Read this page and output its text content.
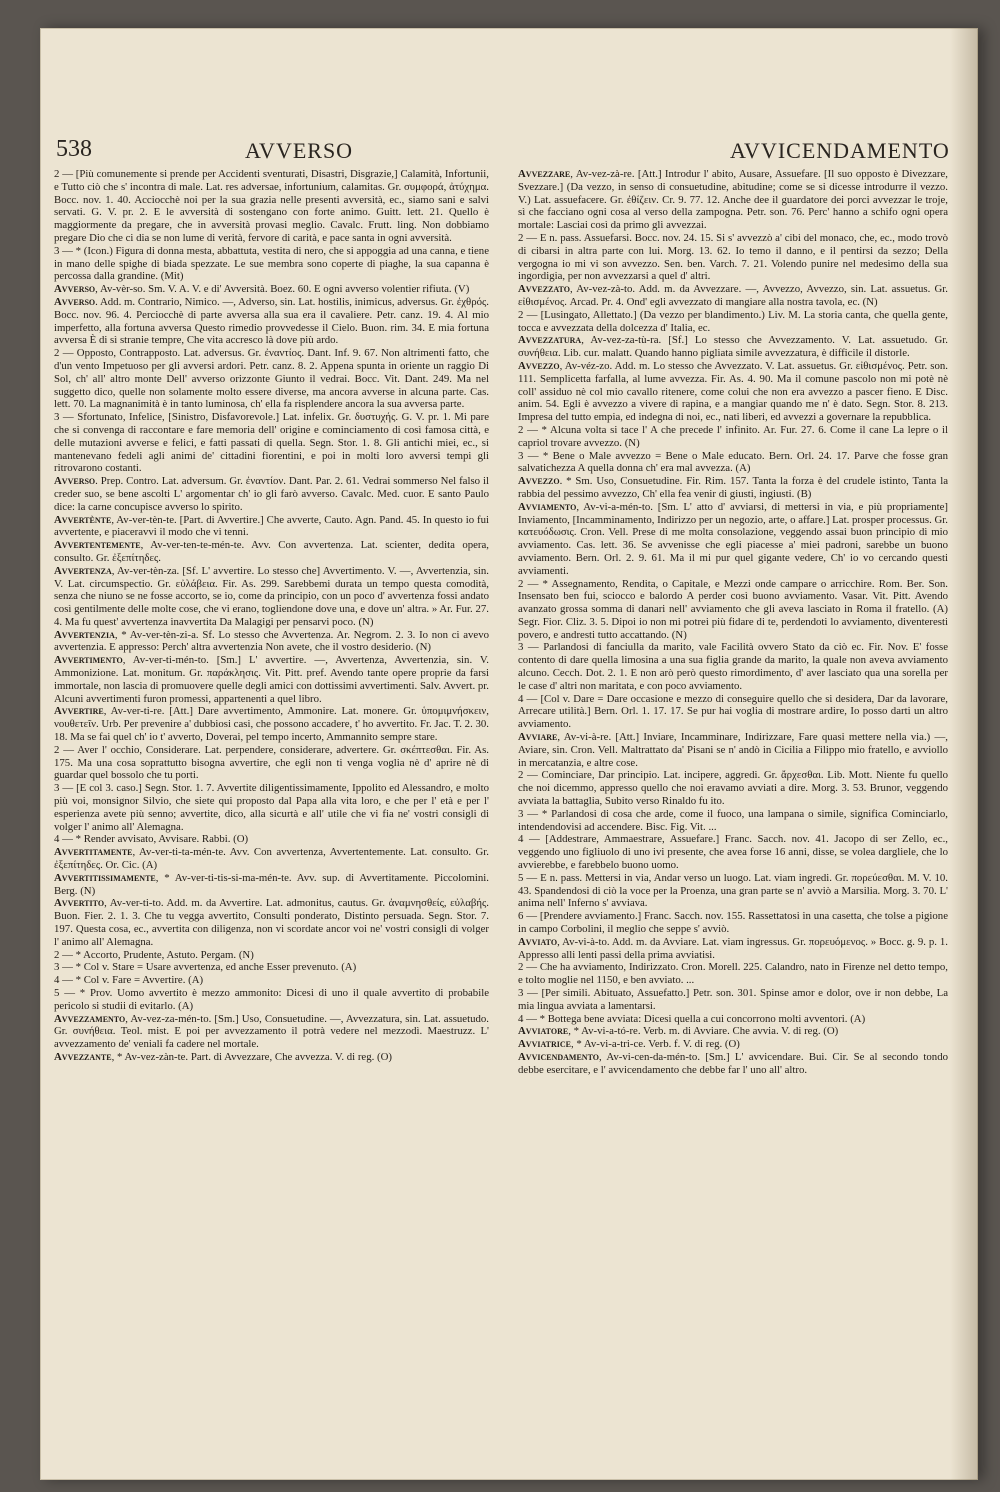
538	AVVERSO	AVVICENDAMENTO

2 — [Più comunemente si prende per Accidenti sventurati, Disastri, Disgrazie,] Calamità, Infortunii, e Tutto ciò che s' incontra di male. Lat. res adversae, infortunium, calamitas. Gr. συμφορά, ἀτύχημα. Bocc. nov. 1. 40. Acciocchè noi per la sua grazia nelle presenti avversità, ec., siamo sani e salvi servati. G. V. pr. 2. E le avversità di sostengano con forte animo. Guitt. lett. 21. Quello è maggiormente da pregare, che in avversità provasi meglio. Cavalc. Frutt. ling. Non dobbiamo pregare Dio che ci dia se non lume di verità, fervore di carità, e pace santa in ogni avversità.

3 — * (Icon.) Figura di donna mesta, abbattuta, vestita di nero, che si appoggia ad una canna, e tiene in mano delle spighe di biada spezzate. Le sue membra sono coperte di piaghe, la sua capanna è percossa dalla grandine. (Mit)

Avverso, Av-vèr-so. Sm. V. A. V. e di' Avversità. Boez. 60. E ogni avverso volentier rifiuta. (V)

Avverso. Add. m. Contrario, Nimico. —, Adverso, sin. Lat. hostilis, inimicus, adversus. Gr. ἐχθρός. Bocc. nov. 96. 4. Perciocchè di parte avversa alla sua era il cavaliere. Petr. canz. 19. 4. Al mio imperfetto, alla fortuna avversa Questo rimedio provvedesse il Cielo. Buon. rim. 34. E mia fortuna avversa È di sì stranie tempre, Che vita accresco là dove più ardo.

2 — Opposto, Contrapposto. Lat. adversus. Gr. ἐναντίος. Dant. Inf. 9. 67. Non altrimenti fatto, che d'un vento Impetuoso per gli avversi ardori. Petr. canz. 8. 2. Appena spunta in oriente un raggio Di Sol, ch' all' altro monte Dell' avverso orizzonte Giunto il vedrai. Bocc. Vit. Dant. 249. Ma nel suggetto dico, quelle non solamente molto essere diverse, ma ancora avverse in alcuna parte. Cas. lett. 70. La magnanimità è in tanto luminosa, ch' ella fa risplendere ancora la sua avversa parte.

3 — Sfortunato, Infelice, [Sinistro, Disfavorevole.] Lat. infelix. Gr. δυστυχής. G. V. pr. 1. Mi pare che si convenga di raccontare e fare memoria dell' origine e cominciamento di così famosa città, e delle mutazioni avverse e felici, e fatti passati di quella. Segn. Stor. 1. 8. Gli antichi miei, ec., si mantenevano fedeli agli animi de' cittadini fiorentini, e poi in molti loro avversi tempi gli ritrovarono costanti.

Avverso. Prep. Contro. Lat. adversum. Gr. ἐναντίον. Dant. Par. 2. 61. Vedrai sommerso Nel falso il creder suo, se bene ascolti L' argomentar ch' io gli farò avverso. Cavalc. Med. cuor. E santo Paulo dice: la carne concupisce avverso lo spirito.

Avvertènte, Av-ver-tèn-te. [Part. di Avvertire.] Che avverte, Cauto. Agn. Pand. 45. In questo io fui avvertente, e piaceravvi il modo che vi tenni.

Avvertentemente, Av-ver-ten-te-mén-te. Avv. Con avvertenza. Lat. scienter, dedita opera, consulto. Gr. ἐξεπίτηδες.

Avvertenza, Av-ver-tèn-za. [Sf. L' avvertire. Lo stesso che] Avvertimento. V. —, Avvertenzia, sin. V. Lat. circumspectio. Gr. εὐλάβεια. Fir. As. 299. Sarebbemi durata un tempo questa comodità, senza che niuno se ne fosse accorto, se io, come da principio, con un poco d' avvertenza fossi andato così gentilmente delle molte cose, che vi erano, togliendone dove una, e dove un' altra. » Ar. Fur. 27. 4. Ma fu quest' avvertenza inavvertita Da Malagigi per pensarvi poco. (N)

Avvertenzia, * Av-ver-tèn-zi-a. Sf. Lo stesso che Avvertenza. Ar. Negrom. 2. 3. Io non ci avevo avvertenzia. E appresso: Perch' altra avvertenzia Non avete, che il vostro desiderio. (N)

Avvertimento, Av-ver-ti-mén-to. [Sm.] L' avvertire. —, Avvertenza, Avvertenzia, sin. V. Ammonizione. Lat. monitum. Gr. παράκλησις. Vit. Pitt. pref. Avendo tante opere proprie da farsi immortale, non lascia di promuovere quelle degli amici con dottissimi avvertimenti. Salv. Avvert. pr. Alcuni avvertimenti furon promessi, appartenenti a quel libro.

Avvertire, Av-ver-ti-re. [Att.] Dare avvertimento, Ammonire. Lat. monere. Gr. ὑπομιμνήσκειν, νουθετεῖν. Urb. Per prevenire a' dubbiosi casi, che possono accadere, t' ho avvertito. Fr. Jac. T. 2. 30. 18. Ma se fai quel ch' io t' avverto, Doverai, pel tempo incerto, Ammannito sempre stare.

2 — Aver l' occhio, Considerare. Lat. perpendere, considerare, advertere. Gr. σκέπτεσθαι. Fir. As. 175. Ma una cosa soprattutto bisogna avvertire, che egli non ti venga voglia nè d' aprire nè di guardar quel bossolo che tu porti.

3 — [E col 3. caso.] Segn. Stor. 1. 7. Avvertite diligentissimamente, Ippolito ed Alessandro, e molto più voi, monsignor Silvio, che siete qui proposto dal Papa alla vita loro, e che per l' età e per l' esperienza avete più senno; avvertite, dico, alla sicurtà e all' utile che vi fia ne' vostri consigli di volger l' animo all' Alemagna.

4 — * Render avvisato, Avvisare. Rabbi. (O)

Avvertitamente, Av-ver-ti-ta-mén-te. Avv. Con avvertenza, Avvertentemente. Lat. consulto. Gr. ἐξεπίτηδες. Or. Cic. (A)

Avvertitissimamente, * Av-ver-ti-tis-si-ma-mén-te. Avv. sup. di Avvertitamente. Piccolomini. Berg. (N)

Avvertito, Av-ver-ti-to. Add. m. da Avvertire. Lat. admonitus, cautus. Gr. ἀναμνησθείς, εὐλαβής. Buon. Fier. 2. 1. 3. Che tu vegga avvertito, Consulti ponderato, Distinto persuada. Segn. Stor. 7. 197. Questa cosa, ec., avvertita con diligenza, non vi scordate ancor voi ne' vostri consigli di volger l' animo all' Alemagna.

2 — * Accorto, Prudente, Astuto. Pergam. (N)

3 — * Col v. Stare = Usare avvertenza, ed anche Esser prevenuto. (A)

4 — * Col v. Fare = Avvertire. (A)

5 — * Prov. Uomo avvertito è mezzo ammonito: Dicesi di uno il quale avvertito di probabile pericolo si studii di evitarlo. (A)

Avvezzamento, Av-vez-za-mén-to. [Sm.] Uso, Consuetudine. —, Avvezzatura, sin. Lat. assuetudo. Gr. συνήθεια. Teol. mist. E poi per avvezzamento il potrà vedere nel mezzodì. Maestruzz. L' avvezzamento de' veniali fa cadere nel mortale.

Avvezzante, * Av-vez-zàn-te. Part. di Avvezzare, Che avvezza. V. di reg. (O)

Avvezzare, Av-vez-zà-re. [Att.] Introdur l' abito, Ausare, Assuefare. [Il suo opposto è Divezzare, Svezzare.] (Da vezzo, in senso di consuetudine, abitudine; come se si dicesse introdurre il vezzo. V.) Lat. assuefacere. Gr. ἐθίζειν. Cr. 9. 77. 12. Anche dee il guardatore dei porci avvezzar le troje, sì che facciano ogni cosa al verso della zampogna. Petr. son. 76. Perc' hanno a schifo ogni opera mortale: Lasciai così da primo gli avvezzai.

2 — E n. pass. Assuefarsi. Bocc. nov. 24. 15. Si s' avvezzò a' cibi del monaco, che, ec., modo trovò di cibarsi in altra parte con lui. Morg. 13. 62. Io temo il danno, e il pentirsi da sezzo; Della vergogna io mi vi son avvezzo. Sen. ben. Varch. 7. 21. Volendo punire nel medesimo della sua ingordigia, per non avvezzarsi a quel d' altri.

Avvezzato, Av-vez-zà-to. Add. m. da Avvezzare. —, Avvezzo, Avvezzo, sin. Lat. assuetus. Gr. εἰθισμένος. Arcad. Pr. 4. Ond' egli avvezzato di mangiare alla nostra tavola, ec. (N)

2 — [Lusingato, Allettato.] (Da vezzo per blandimento.) Liv. M. La storia canta, che quella gente, tocca e avvezzata della dolcezza d' Italia, ec.

Avvezzatura, Av-vez-za-tù-ra. [Sf.] Lo stesso che Avvezzamento. V. Lat. assuetudo. Gr. συνήθεια. Lib. cur. malatt. Quando hanno pigliata simile avvezzatura, è difficile il distorle.

Avvezzo, Av-véz-zo. Add. m. Lo stesso che Avvezzato. V. Lat. assuetus. Gr. εἰθισμένος. Petr. son. 111. Semplicetta farfalla, al lume avvezza. Fir. As. 4. 90. Ma il comune pascolo non mi potè nè coll' assiduo nè col mio cavallo ritenere, come colui che non era avvezzo a pascer fieno. E Disc. anim. 54. Egli è avvezzo a vivere di rapina, e a mangiar quando me n' è dato. Segn. Stor. 8. 213. Impresa del tutto empia, ed indegna di noi, ec., nati liberi, ed avvezzi a governare la repubblica.

2 — * Alcuna volta si tace l' A che precede l' infinito. Ar. Fur. 27. 6. Come il cane La lepre o il capriol trovare avvezzo. (N)

3 — * Bene o Male avvezzo = Bene o Male educato. Bern. Orl. 24. 17. Parve che fosse gran salvatichezza A quella donna ch' era mal avvezza. (A)

Avvezzo. * Sm. Uso, Consuetudine. Fir. Rim. 157. Tanta la forza è del crudele istinto, Tanta la rabbia del pessimo avvezzo, Ch' ella fea venir di giusti, ingiusti. (B)

Avviamento, Av-vi-a-mén-to. [Sm. L' atto d' avviarsi, di mettersi in via, e più propriamente] Inviamento, [Incamminamento, Indirizzo per un negozio, arte, o affare.] Lat. prosper processus. Gr. κατευόδωσις. Cron. Vell. Prese di me molta consolazione, veggendo assai buon principio di mio avviamento. Cas. lett. 36. Se avvenisse che egli piacesse a' miei padroni, sarebbe un buono avviamento. Bern. Orl. 2. 9. 61. Ma il mi pur quel gigante vedere, Ch' io vo cercando questi avviamenti.

2 — * Assegnamento, Rendita, o Capitale, e Mezzi onde campare o arricchire. Rom. Ber. Son. Insensato ben fui, sciocco e balordo A perder così buono avviamento. Vasar. Vit. Pitt. Avendo avanzato grossa somma di danari nell' avviamento che gli aveva lasciato in Roma il fratello. (A) Segr. Fior. Cliz. 3. 5. Dipoi io non mi potrei più fidare di te, perdendoti lo avviamento, diventeresti povero, e andresti tutto accattando. (N)

3 — Parlandosi di fanciulla da marito, vale Facilità ovvero Stato da ciò ec. Fir. Nov. E' fosse contento di dare quella limosina a una sua figlia grande da marito, la quale non aveva avviamento alcuno. Cecch. Dot. 2. 1. E non arò però questo rimordimento, d' aver lasciato qua una sorella per le case d' altri non maritata, e con poco avviamento.

4 — [Col v. Dare = Dare occasione e mezzo di conseguire quello che si desidera, Dar da lavorare, Arrecare utilità.] Bern. Orl. 1. 17. 17. Se pur hai voglia di mostrare ardire, Io posso darti un altro avviamento.

Avviare, Av-vi-à-re. [Att.] Inviare, Incamminare, Indirizzare, Fare quasi mettere nella via.) —, Aviare, sin. Cron. Vell. Maltrattato da' Pisani se n' andò in Cicilia a Filippo mio fratello, e avviollo in mercatanzia, e altre cose.

2 — Cominciare, Dar principio. Lat. incipere, aggredi. Gr. ἄρχεσθαι. Lib. Mott. Niente fu quello che noi dicemmo, appresso quello che noi eravamo avviati a dire. Morg. 3. 53. Brunor, veggendo avviata la battaglia, Subito verso Rinaldo fu ito.

3 — * Parlandosi di cosa che arde, come il fuoco, una lampana o simile, significa Cominciarlo, intendendovisi ad accendere. Bisc. Fig. Vit. ...

4 — [Addestrare, Ammaestrare, Assuefare.] Franc. Sacch. nov. 41. Jacopo di ser Zello, ec., veggendo uno figliuolo di uno ivi presente, che avea forse 16 anni, disse, se volea dargliele, che lo avvierebbe, e farebbelo buono uomo.

5 — E n. pass. Mettersi in via, Andar verso un luogo. Lat. viam ingredi. Gr. πορεύεσθαι. M. V. 10. 43. Spandendosi di ciò la voce per la Proenza, una gran parte se n' avviò a Marsilia. Morg. 3. 70. L' anima nell' Inferno s' avviava.

6 — [Prendere avviamento.] Franc. Sacch. nov. 155. Rassettatosi in una casetta, che tolse a pigione in campo Corbolini, il meglio che seppe s' avviò.

Avviato, Av-vi-à-to. Add. m. da Avviare. Lat. viam ingressus. Gr. πορευόμενος. » Bocc. g. 9. p. 1. Appresso alli lenti passi della prima avviatisi.

2 — Che ha avviamento, Indirizzato. Cron. Morell. 225. Calandro, nato in Firenze nel detto tempo, e tolto moglie nel 1150, e ben avviato. ...

3 — [Per simili. Abituato, Assuefatto.] Petr. son. 301. Spinse amor e dolor, ove ir non debbe, La mia lingua avviata a lamentarsi.

4 — * Bottega bene avviata: Dicesi quella a cui concorrono molti avventori. (A)

Avviatore, * Av-vi-a-tó-re. Verb. m. di Avviare. Che avvia. V. di reg. (O)

Avviatrice, * Av-vi-a-tri-ce. Verb. f. V. di reg. (O)

Avvicendamento, Av-vi-cen-da-mén-to. [Sm.] L' avvicendare. Bui. Cir. Se al secondo tondo debbe esercitare, e l' avvicendamento che debbe far l' uno all' altro.
